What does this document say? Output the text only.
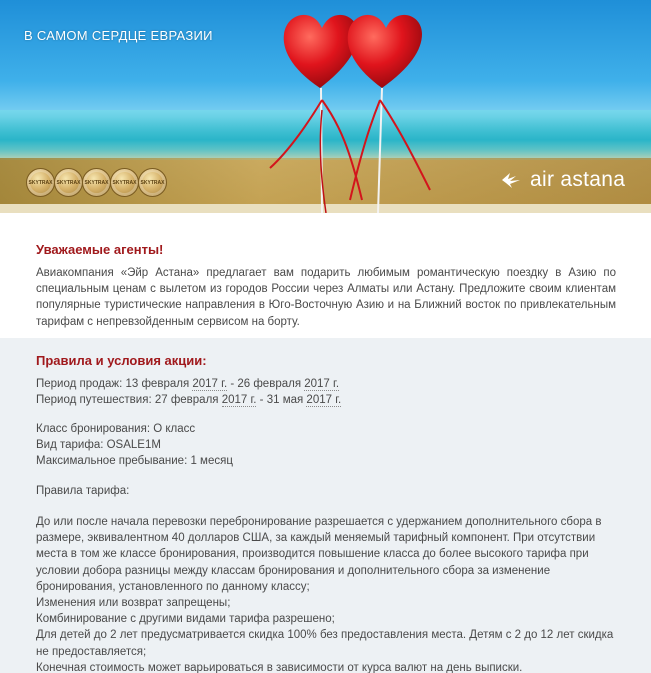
В САМОМ СЕРДЦЕ ЕВРАЗИИ
SKYTRAX SKYTRAX SKYTRAX SKYTRAX SKYTRAX	air astana
Уважаемые агенты!
Авиакомпания «Эйр Астана» предлагает вам подарить любимым романтическую поездку в Азию по специальным ценам с вылетом из городов России через Алматы или Астану. Предложите своим клиентам популярные туристические направления в Юго-Восточную Азию и на Ближний восток по привлекательным тарифам с непревзойденным сервисом на борту.
Правила и условия акции:
Период продаж: 13 февраля 2017 г. - 26 февраля 2017 г.
Период путешествия: 27 февраля 2017 г. - 31 мая 2017 г.
Класс бронирования: О класс
Вид тарифа: OSALE1M
Максимальное пребывание: 1 месяц
Правила тарифа:

До или после начала перевозки перебронирование разрешается с удержанием дополнительного сбора в размере, эквивалентном 40 долларов США, за каждый меняемый тарифный компонент. При отсутствии места в том же классе бронирования, производится повышение класса до более высокого тарифа при условии добора разницы между классам бронирования и дополнительного сбора за изменение бронирования, установленного по данному классу;

Изменения или возврат запрещены;

Комбинирование с другими видами тарифа разрешено;

Для детей до 2 лет предусматривается скидка 100% без предоставления места. Детям с 2 до 12 лет скидка не предоставляется;

Конечная стоимость может варьироваться в зависимости от курса валют на день выписки.
